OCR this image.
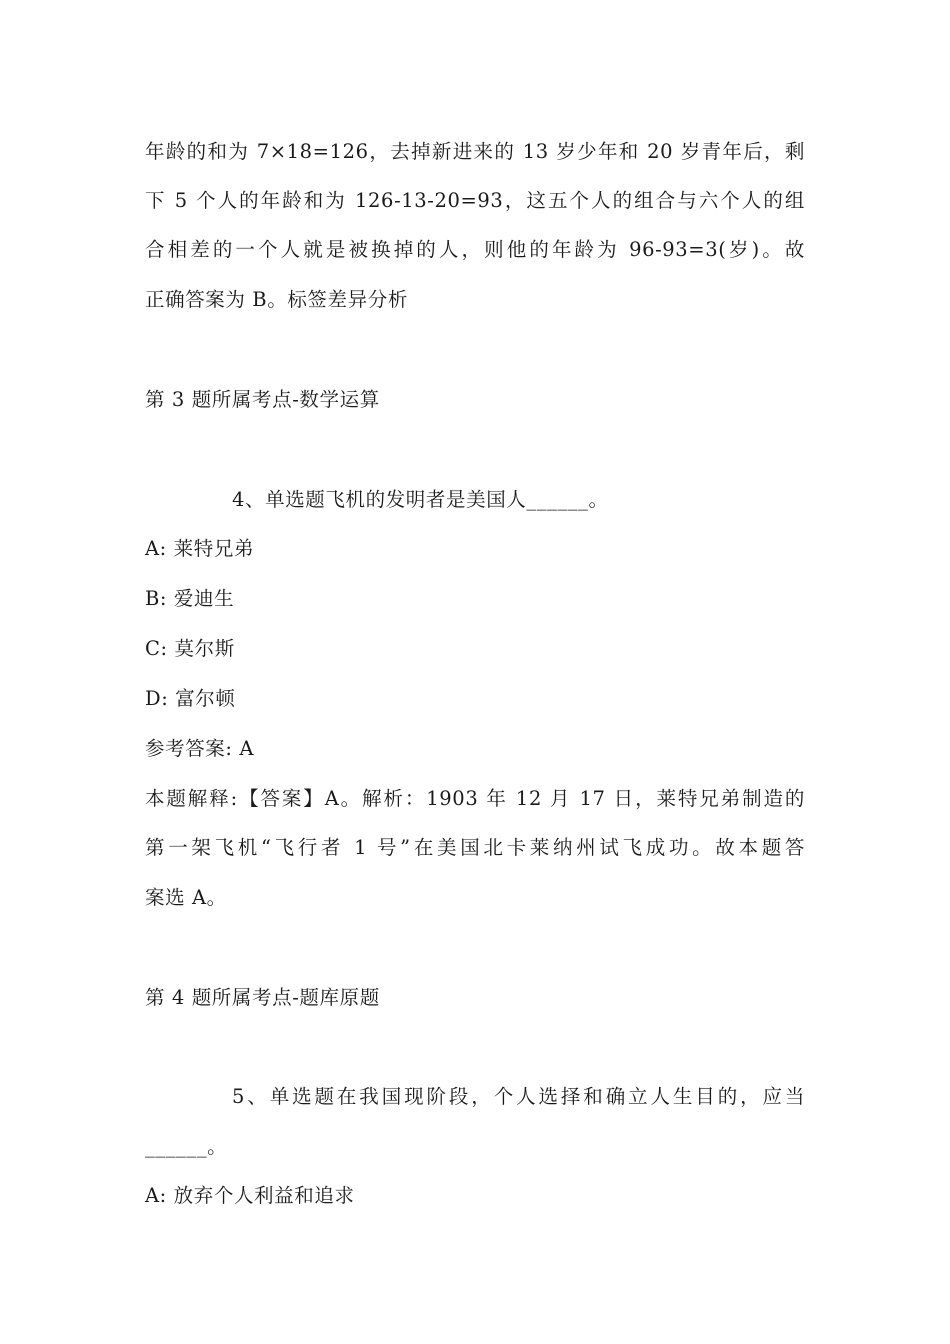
年龄的和为 7×18=126，去掉新进来的 13 岁少年和 20 岁青年后，剩
下 5 个人的年龄和为 126-13-20=93，这五个人的组合与六个人的组
合相差的一个人就是被换掉的人，则他的年龄为 96-93=3(岁)。故
正确答案为 B。标签差异分析
第 3 题所属考点-数学运算
4、单选题飞机的发明者是美国人______。
A: 莱特兄弟
B: 爱迪生
C: 莫尔斯
D: 富尔顿
参考答案: A
本题解释:【答案】A。解析：1903 年 12 月 17 日，莱特兄弟制造的
第一架飞机“飞行者 1 号”在美国北卡莱纳州试飞成功。故本题答
案选 A。
第 4 题所属考点-题库原题
5、单选题在我国现阶段，个人选择和确立人生目的，应当
______。
A: 放弃个人利益和追求
